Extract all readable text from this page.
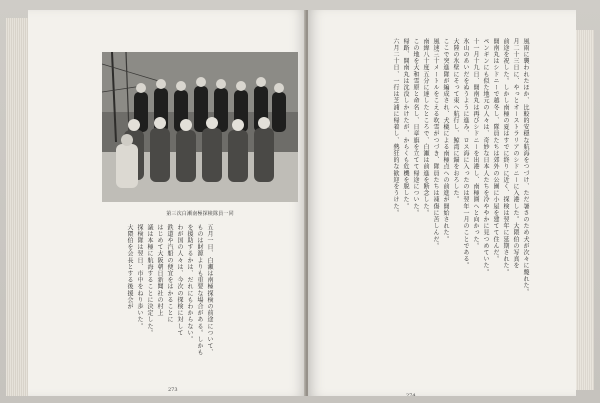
第三次白瀬南極探検隊員一同
五月一日、白瀬は南極探検の前途について、
ものは財源よりも重要な場合がある。しかも
を援助するかは、だれにもわからない。
わが国の人々は、今次の探検に対して
鉄道や汽船の便宜をはかることに
はじめて大阪朝日新聞社の村上
議は本極に航海することに決定した。
探検隊は翌日、市中をねり歩いた。
大隈伯を会長とする後援会が
273
風雨に襲われたほか、比較的安穏な航海をつづけ、ただ暑さのため犬が次々に斃れた。
月二十三日に、やっとオーストラリアのシドニーに入港した。大隈伯の写真を
前途を祝した。しかし南極の夏はすでに終りに近く、探検は翌年に延期された。
開南丸はシドニーで越冬し、隊員たちは郊外の公園に小屋を建てて住んだ。
ペンギンにも似た地元の人々は、奇妙な日本人たちを冷ややかに見つめていた。
十一月十九日、開南丸は再びシドニーを出港し、南極圏へと向かった。
氷山のあいだをぬうように進み、ロス海に入ったのは翌年一月のことである。
大陸の氷壁にそって東へ航行し、鯨湾に錨をおろした。
ここで突進隊が編成され、犬橇による南極点への前進が開始された。
風速三十メートルをこえる吹雪がつづき、隊員たちは凍傷に苦しんだ。
南緯八十度五分に達したところで、白瀬は前進を断念した。
この地を大和雪原と命名し、日章旗を立てて帰途についた。
帰路、開南丸は沈没しかけたが、からくも危機を脱した。
六月二十日、一行は芝浦に帰着し、熱狂的な歓迎をうけた。
274
